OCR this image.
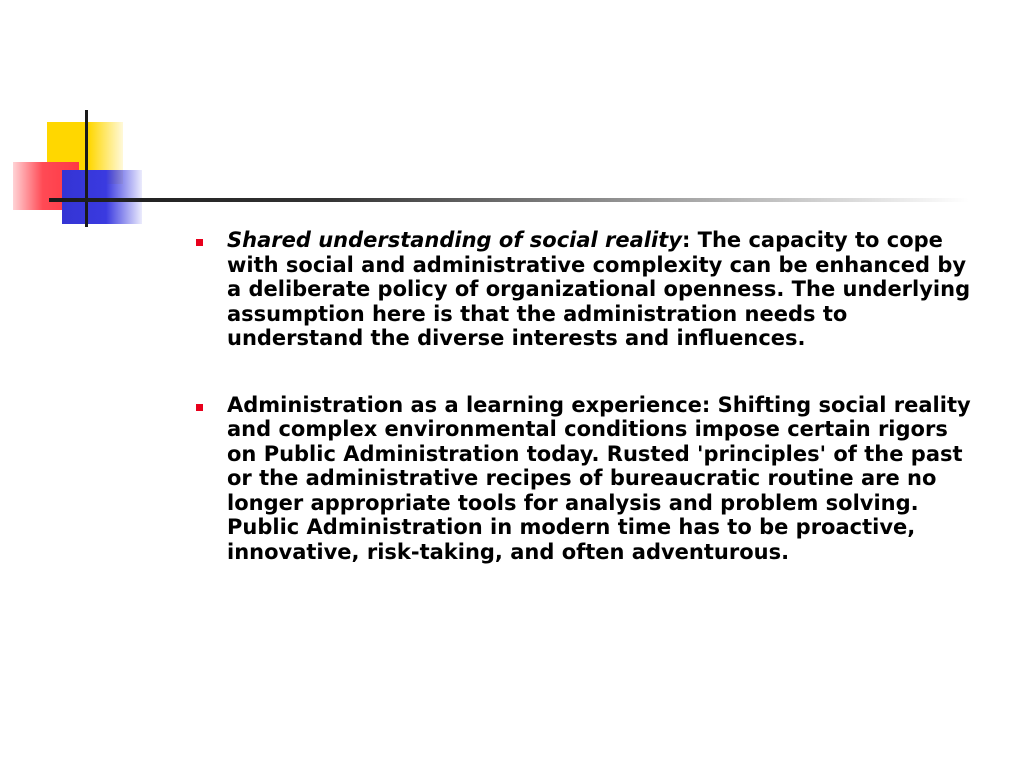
Shared understanding of social reality: The capacity to cope with social and administrative complexity can be enhanced by a deliberate policy of organizational openness. The underlying assumption here is that the administration needs to understand the diverse interests and influences.
Administration as a learning experience: Shifting social reality and complex environmental conditions impose certain rigors on Public Administration today. Rusted 'principles' of the past or the administrative recipes of bureaucratic routine are no longer appropriate tools for analysis and problem solving. Public Administration in modern time has to be proactive, innovative, risk-taking, and often adventurous.
